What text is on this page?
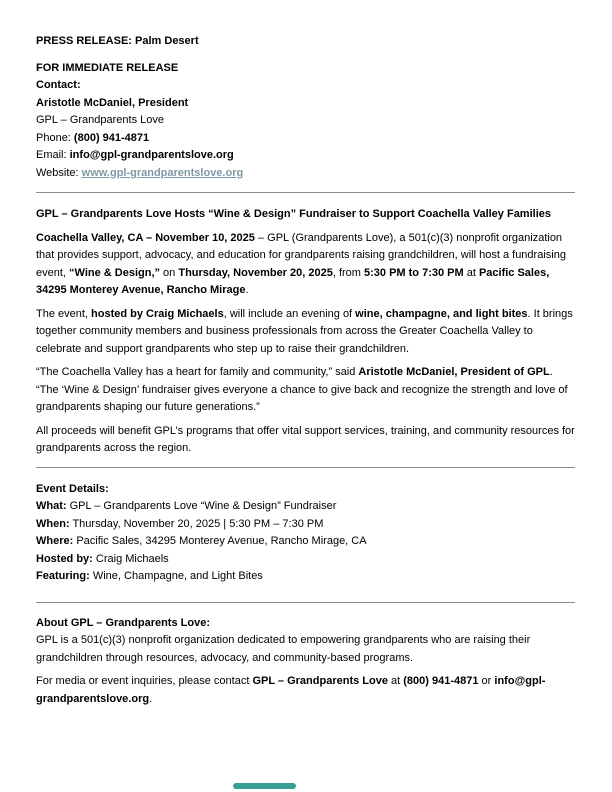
PRESS RELEASE: Palm Desert
FOR IMMEDIATE RELEASE
Contact:
Aristotle McDaniel, President
GPL – Grandparents Love
Phone: (800) 941-4871
Email: info@gpl-grandparentslove.org
Website: www.gpl-grandparentslove.org
GPL – Grandparents Love Hosts “Wine & Design” Fundraiser to Support Coachella Valley Families

Coachella Valley, CA – November 10, 2025 – GPL (Grandparents Love), a 501(c)(3) nonprofit organization that provides support, advocacy, and education for grandparents raising grandchildren, will host a fundraising event, “Wine & Design,” on Thursday, November 20, 2025, from 5:30 PM to 7:30 PM at Pacific Sales, 34295 Monterey Avenue, Rancho Mirage.

The event, hosted by Craig Michaels, will include an evening of wine, champagne, and light bites. It brings together community members and business professionals from across the Greater Coachella Valley to celebrate and support grandparents who step up to raise their grandchildren.

“The Coachella Valley has a heart for family and community,” said Aristotle McDaniel, President of GPL. “The ‘Wine & Design’ fundraiser gives everyone a chance to give back and recognize the strength and love of grandparents shaping our future generations.”

All proceeds will benefit GPL’s programs that offer vital support services, training, and community resources for grandparents across the region.

Event Details:
What: GPL – Grandparents Love “Wine & Design” Fundraiser
When: Thursday, November 20, 2025 | 5:30 PM – 7:30 PM
Where: Pacific Sales, 34295 Monterey Avenue, Rancho Mirage, CA
Hosted by: Craig Michaels
Featuring: Wine, Champagne, and Light Bites
About GPL – Grandparents Love:

GPL is a 501(c)(3) nonprofit organization dedicated to empowering grandparents who are raising their grandchildren through resources, advocacy, and community-based programs.

For media or event inquiries, please contact GPL – Grandparents Love at (800) 941-4871 or info@gpl-grandparentslove.org.
